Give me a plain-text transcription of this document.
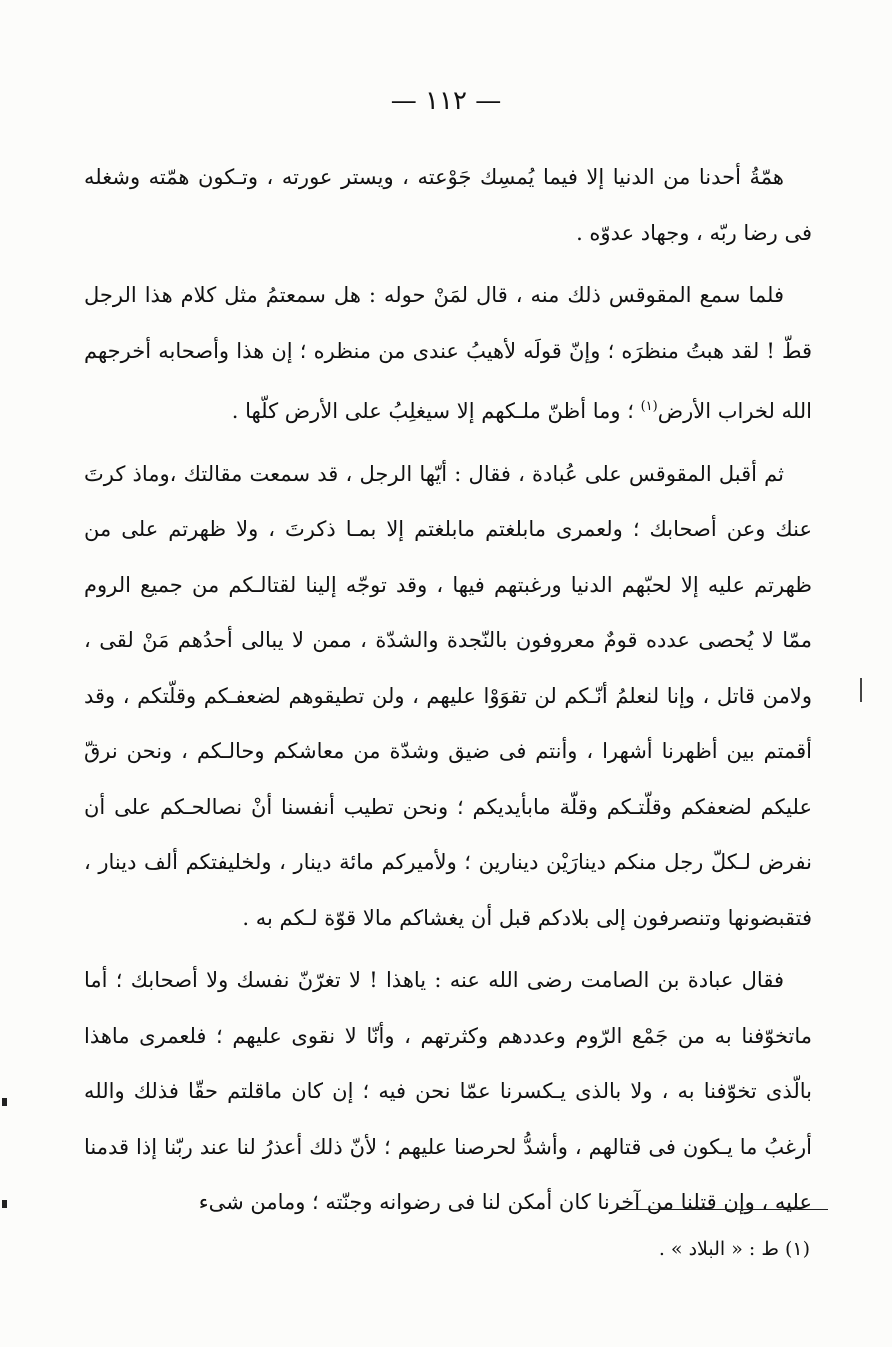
— ١١٢ —

همّةُ أحدنا من الدنيا إلا فيما يُمسِك جَوْعته ، ويستر عورته ، وتـكون همّته وشغله فى رضا ربّه ، وجهاد عدوّه .

فلما سمع المقوقس ذلك منه ، قال لمَنْ حوله : هل سمعتمُ مثل كلام هذا الرجل قطّ ! لقد هبتُ منظرَه ؛ وإنّ قولَه لأهيبُ عندى من منظره ؛ إن هذا وأصحابه أخرجهم الله لخراب الأرض$^{(١)}$ ؛ وما أظنّ ملـكهم إلا سيغلِبُ على الأرض كلّها .

ثم أقبل المقوقس على عُبادة ، فقال : أيّها الرجل ، قد سمعت مقالتك ،وماذ كرتَ عنك وعن أصحابك ؛ ولعمرى مابلغتم مابلغتم إلا بمـا ذكرتَ ، ولا ظهرتم على من ظهرتم عليه إلا لحبّهم الدنيا ورغبتهم فيها ، وقد توجّه إلينا لقتالـكم من جميع الروم ممّا لا يُحصى عدده قومٌ معروفون بالنّجدة والشدّة ، ممن لا يبالى أحدُهم مَنْ لقى ، ولامن قاتل ، وإنا لنعلمُ أنّـكم لن تقوَوْا عليهم ، ولن تطيقوهم لضعفـكم وقلّتكم ، وقد أقمتم بين أظهرنا أشهرا ، وأنتم فى ضيق وشدّة من معاشكم وحالـكم ، ونحن نرقّ عليكم لضعفكم وقلّتـكم وقلّة مابأيديكم ؛ ونحن تطيب أنفسنا أنْ نصالحـكم على أن نفرض لـكلّ رجل منكم دينارَيْن دينارين ؛ ولأميركم مائة دينار ، ولخليفتكم ألف دينار ، فتقبضونها وتنصرفون إلى بلادكم قبل أن يغشاكم مالا قوّة لـكم به .

فقال عبادة بن الصامت رضى الله عنه : ياهذا ! لا تغرّنّ نفسك ولا أصحابك ؛ أما ماتخوّفنا به من جَمْع الرّوم وعددهم وكثرتهم ، وأنّا لا نقوى عليهم ؛ فلعمرى ماهذا بالّذى تخوّفنا به ، ولا بالذى يـكسرنا عمّا نحن فيه ؛ إن كان ماقلتم حقّا فذلك والله أرغبُ ما يـكون فى قتالهم ، وأشدُّ لحرصنا عليهم ؛ لأنّ ذلك أعذرُ لنا عند ربّنا إذا قدمنا عليه ، وإن قتلنا من آخرنا كان أمكن لنا فى رضوانه وجنّته ؛ ومامن شىء

(١) ط : « البلاد » .
